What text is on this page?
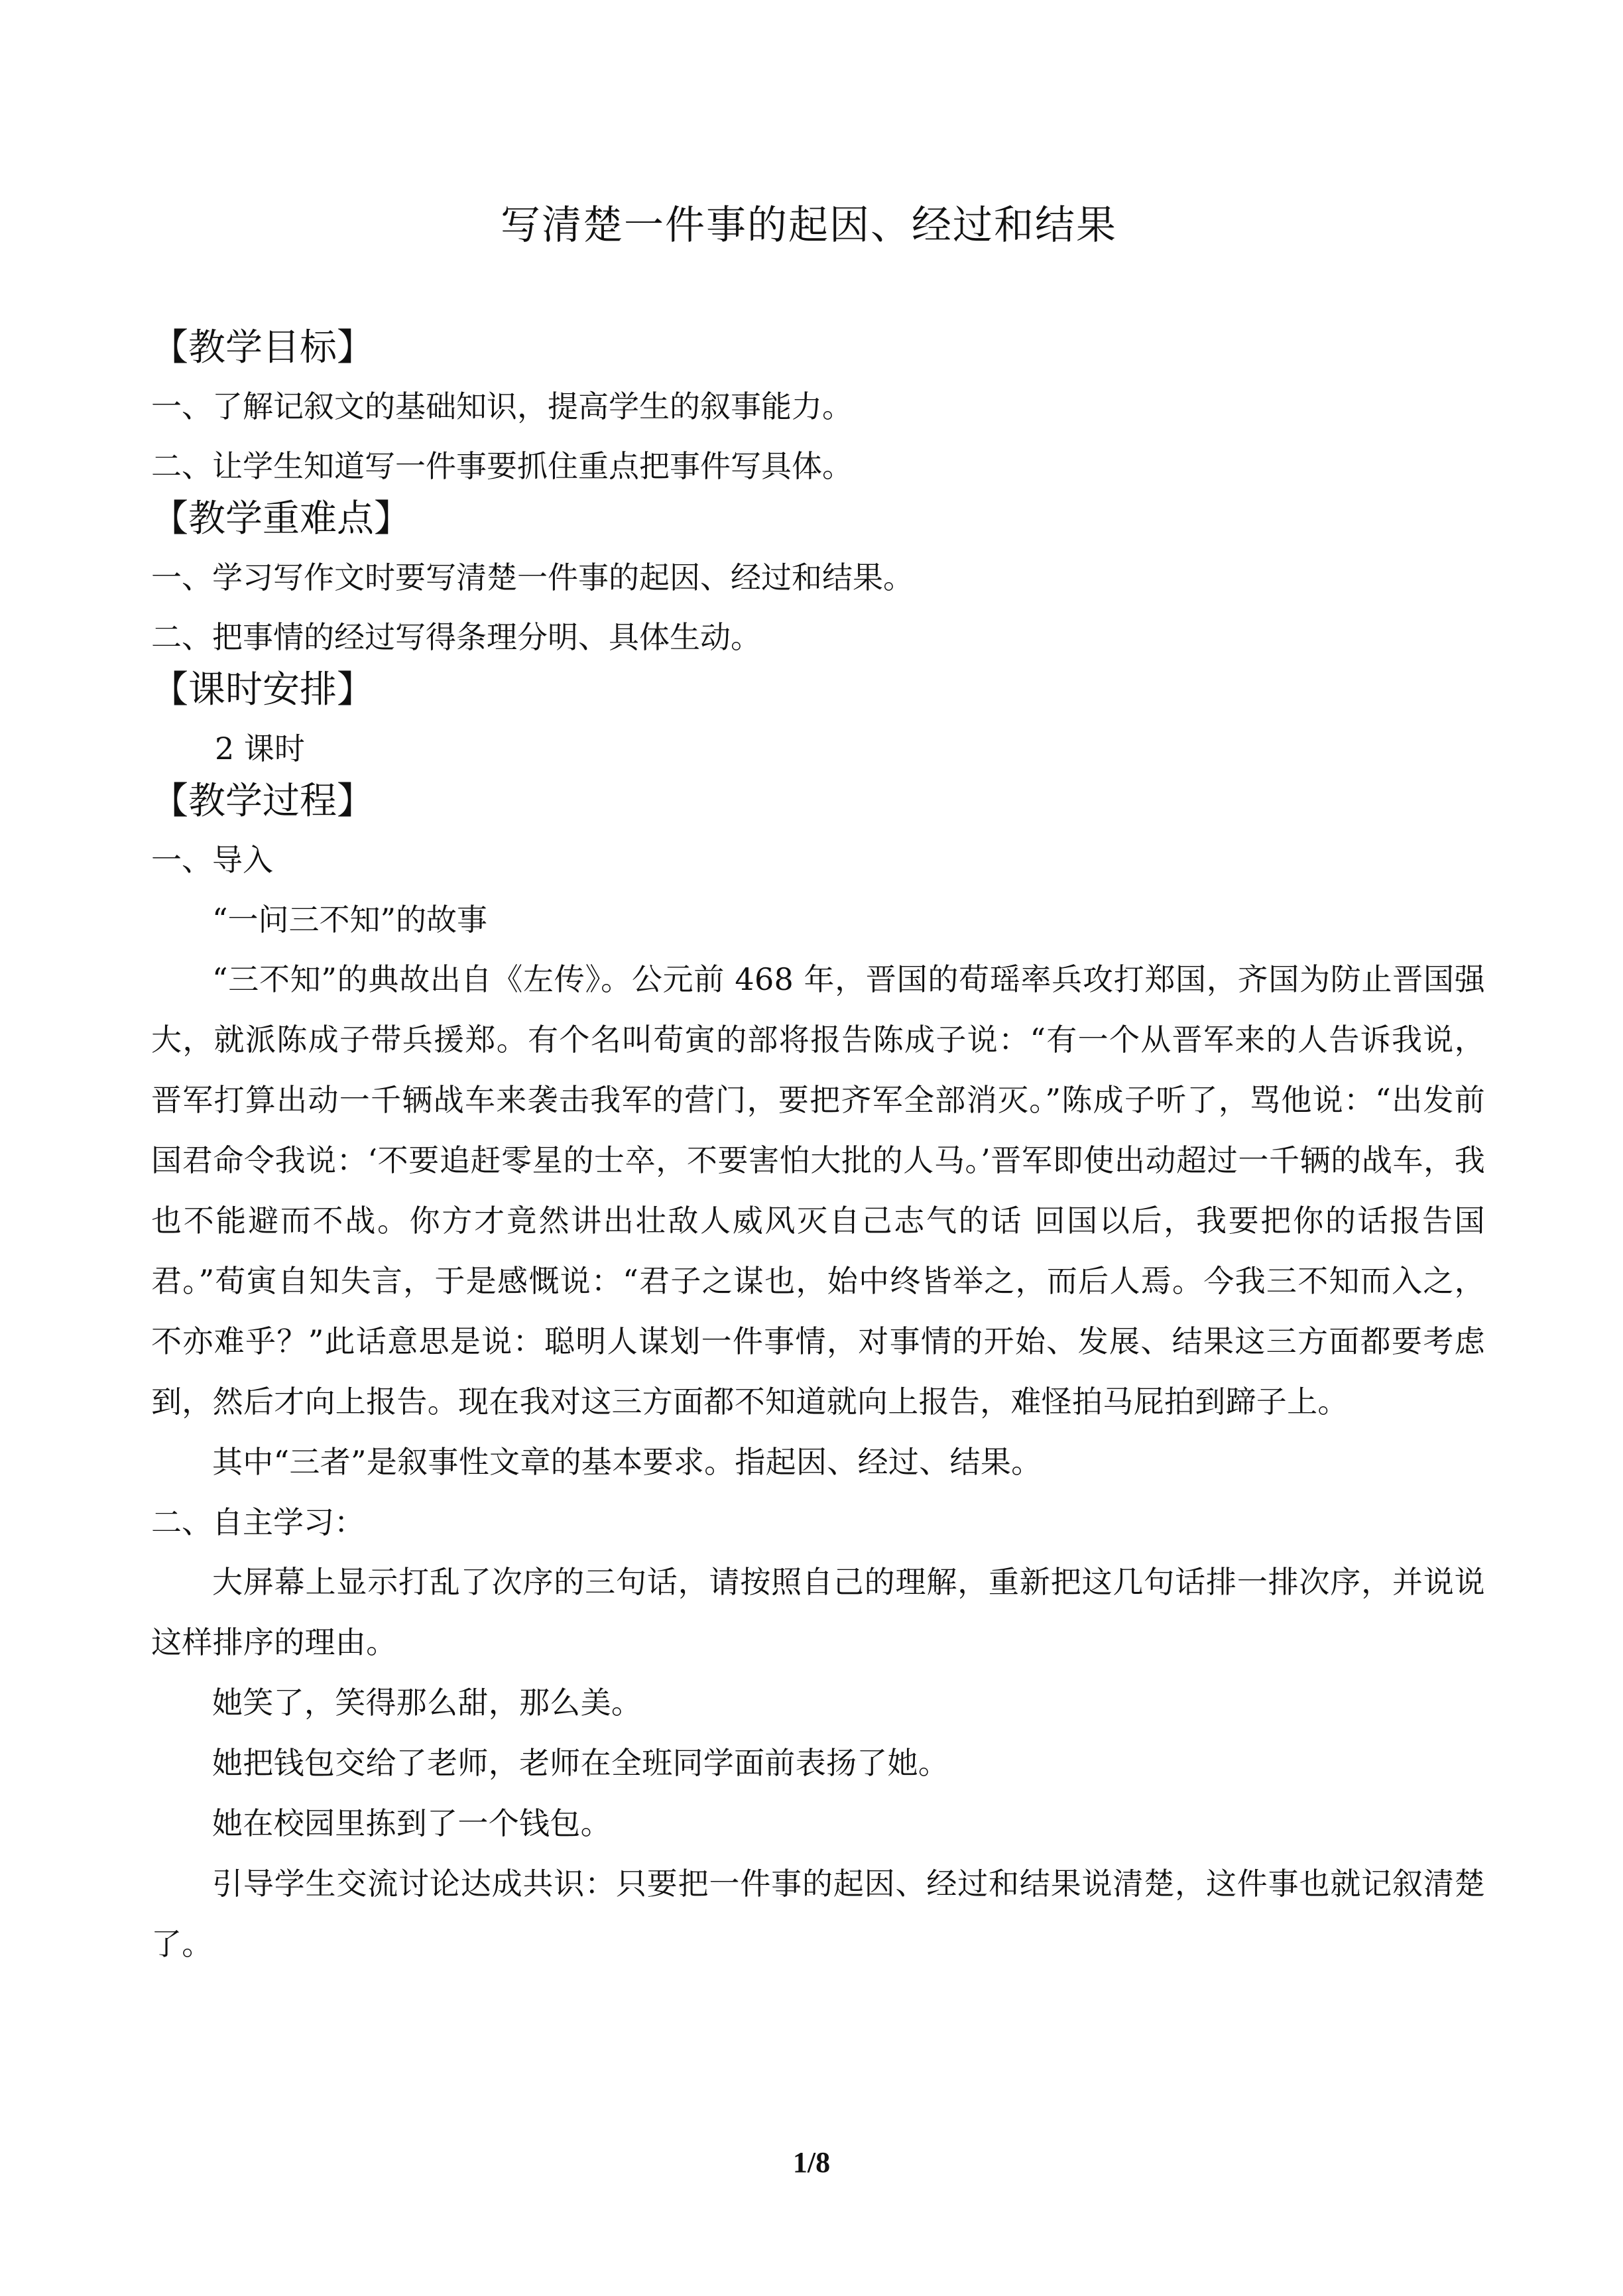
写清楚一件事的起因、经过和结果
【教学目标】

一、了解记叙文的基础知识，提高学生的叙事能力。

二、让学生知道写一件事要抓住重点把事件写具体。

【教学重难点】

一、学习写作文时要写清楚一件事的起因、经过和结果。

二、把事情的经过写得条理分明、具体生动。

【课时安排】

2 课时

【教学过程】

一、导入

“一问三不知”的故事

“三不知”的典故出自《左传》。公元前 468 年，晋国的荀瑶率兵攻打郑国，齐国为防止晋国强大，就派陈成子带兵援郑。有个名叫荀寅的部将报告陈成子说：“有一个从晋军来的人告诉我说，晋军打算出动一千辆战车来袭击我军的营门，要把齐军全部消灭。”陈成子听了，骂他说：“出发前国君命令我说：‘不要追赶零星的士卒，不要害怕大批的人马。’晋军即使出动超过一千辆的战车，我也不能避而不战。你方才竟然讲出壮敌人威风灭自己志气的话 回国以后，我要把你的话报告国君。”荀寅自知失言，于是感慨说：“君子之谋也，始中终皆举之，而后人焉。今我三不知而入之，不亦难乎？”此话意思是说：聪明人谋划一件事情，对事情的开始、发展、结果这三方面都要考虑到，然后才向上报告。现在我对这三方面都不知道就向上报告，难怪拍马屁拍到蹄子上。

其中“三者”是叙事性文章的基本要求。指起因、经过、结果。

二、自主学习：

大屏幕上显示打乱了次序的三句话，请按照自己的理解，重新把这几句话排一排次序，并说说这样排序的理由。

她笑了，笑得那么甜，那么美。

她把钱包交给了老师，老师在全班同学面前表扬了她。

她在校园里拣到了一个钱包。

引导学生交流讨论达成共识：只要把一件事的起因、经过和结果说清楚，这件事也就记叙清楚了。

1/8
